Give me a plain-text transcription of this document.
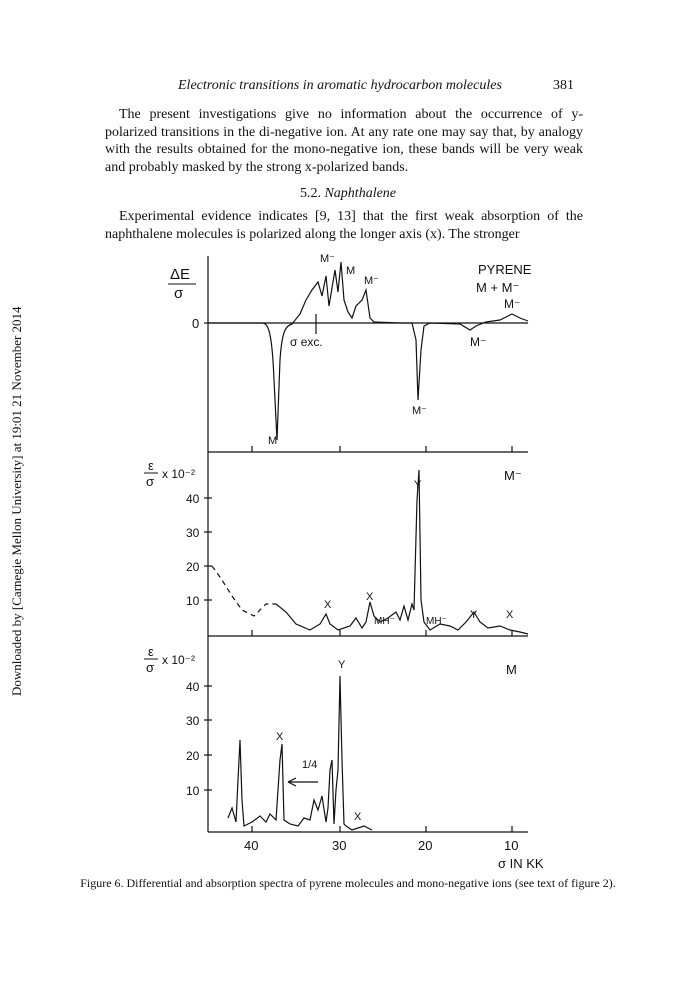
Electronic transitions in aromatic hydrocarbon molecules	381

The present investigations give no information about the occurrence of y-polarized transitions in the di-negative ion. At any rate one may say that, by analogy with the results obtained for the mono-negative ion, these bands will be very weak and probably masked by the strong x-polarized bands.

5.2. Naphthalene

Experimental evidence indicates [9, 13] that the first weak absorption of the naphthalene molecules is polarized along the longer axis (x). The stronger

Downloaded by [Carnegie Mellon University] at 19:01 21 November 2014
ΔE
σ
0
PYRENE
M + M⁻
M⁻
M⁻
σ exc.
M⁻
M
M⁻
M
M⁻
ε
σ x 10⁻²
40
30
20
10
M⁻
Y
X
X
MH⁻	MH⁻
Y	X
ε
σ x 10⁻²
40
30
20
10
M
Y
X
1/4
X
40	30	20	10
σ IN KK
Figure 6. Differential and absorption spectra of pyrene molecules and mono-negative ions (see text of figure 2).
